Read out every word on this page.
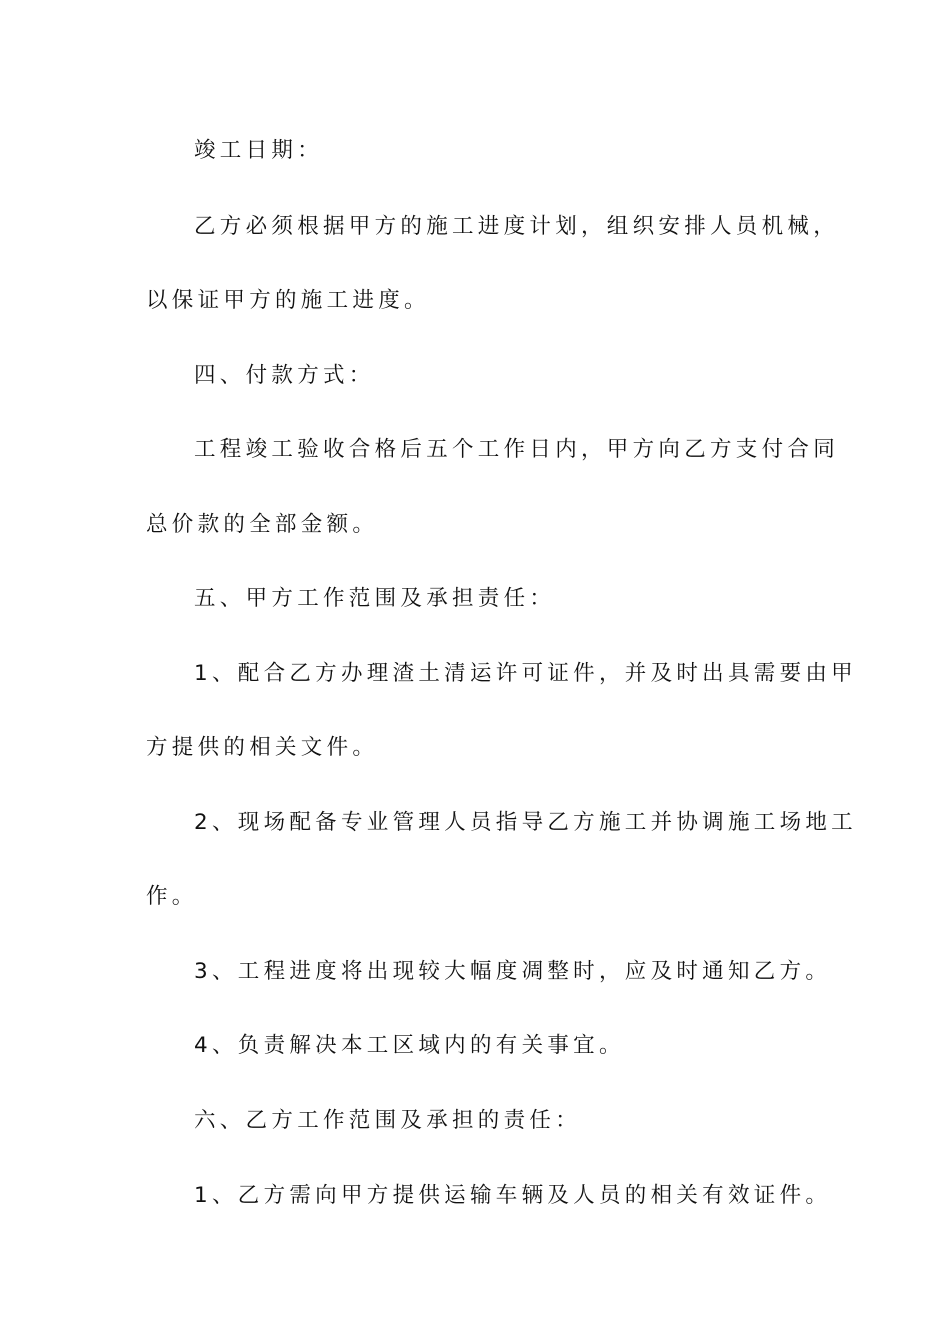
竣工日期：
乙方必须根据甲方的施工进度计划，组织安排人员机械，
以保证甲方的施工进度。
四、付款方式：
工程竣工验收合格后五个工作日内，甲方向乙方支付合同
总价款的全部金额。
五、甲方工作范围及承担责任：
1、配合乙方办理渣土清运许可证件，并及时出具需要由甲
方提供的相关文件。
2、现场配备专业管理人员指导乙方施工并协调施工场地工
作。
3、工程进度将出现较大幅度凋整时，应及时通知乙方。
4、负责解决本工区域内的有关事宜。
六、乙方工作范围及承担的责任：
1、乙方需向甲方提供运输车辆及人员的相关有效证件。
